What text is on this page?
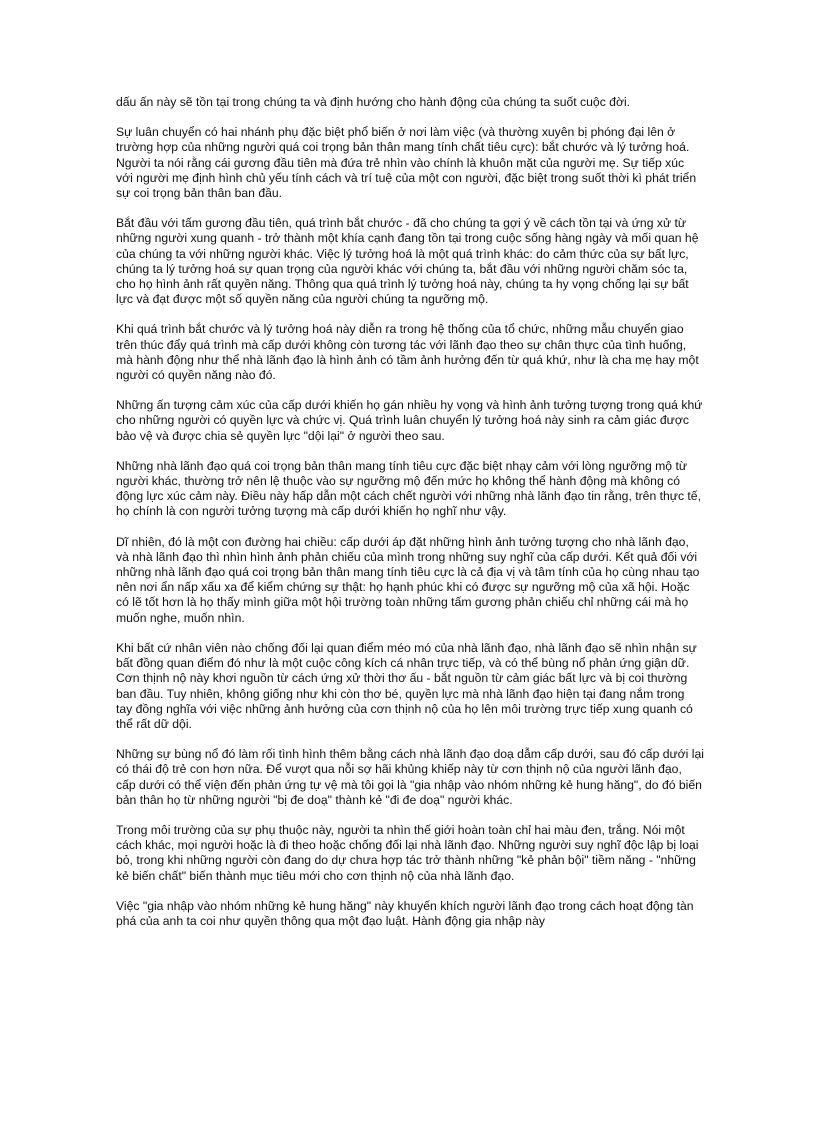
dấu ấn này sẽ tồn tại trong chúng ta và định hướng cho hành động của chúng ta suốt cuộc đời.

Sự luân chuyển có hai nhánh phụ đặc biệt phổ biến ở nơi làm việc (và thường xuyên bị phóng đại lên ở trường hợp của những người quá coi trọng bản thân mang tính chất tiêu cực): bắt chước và lý tưởng hoá. Người ta nói rằng cái gương đầu tiên mà đứa trẻ nhìn vào chính là khuôn mặt của người mẹ. Sự tiếp xúc với người mẹ định hình chủ yếu tính cách và trí tuệ của một con người, đặc biệt trong suốt thời kì phát triển sự coi trọng bản thân ban đầu.

Bắt đầu với tấm gương đầu tiên, quá trình bắt chước - đã cho chúng ta gợi ý về cách tồn tại và ứng xử từ những người xung quanh - trở thành một khía cạnh đang tồn tại trong cuộc sống hàng ngày và mối quan hệ của chúng ta với những người khác. Việc lý tưởng hoá là một quá trình khác: do cảm thức của sự bất lực, chúng ta lý tưởng hoá sự quan trọng của người khác với chúng ta, bắt đầu với những người chăm sóc ta, cho họ hình ảnh rất quyền năng. Thông qua quá trình lý tưởng hoá này, chúng ta hy vọng chống lại sự bất lực và đạt được một số quyền năng của người chúng ta ngưỡng mộ.

Khi quá trình bắt chước và lý tưởng hoá này diễn ra trong hệ thống của tổ chức, những mẫu chuyển giao trên thúc đẩy quá trình mà cấp dưới không còn tương tác với lãnh đạo theo sự chân thực của tình huống, mà hành động như thể nhà lãnh đạo là hình ảnh có tầm ảnh hưởng đến từ quá khứ, như là cha mẹ hay một người có quyền năng nào đó.

Những ấn tượng cảm xúc của cấp dưới khiến họ gán nhiều hy vọng và hình ảnh tưởng tượng trong quá khứ cho những người có quyền lực và chức vị. Quá trình luân chuyển lý tưởng hoá này sinh ra cảm giác được bảo vệ và được chia sẻ quyền lực "dội lại" ở người theo sau.

Những nhà lãnh đạo quá coi trọng bản thân mang tính tiêu cực đặc biệt nhạy cảm với lòng ngưỡng mộ từ người khác, thường trở nên lệ thuộc vào sự ngưỡng mộ đến mức họ không thể hành động mà không có động lực xúc cảm này. Điều này hấp dẫn một cách chết người với những nhà lãnh đạo tin rằng, trên thực tế, họ chính là con người tưởng tượng mà cấp dưới khiến họ nghĩ như vậy.

Dĩ nhiên, đó là một con đường hai chiều: cấp dưới áp đặt những hình ảnh tưởng tượng cho nhà lãnh đạo, và nhà lãnh đạo thì nhìn hình ảnh phản chiếu của mình trong những suy nghĩ của cấp dưới. Kết quả đối với những nhà lãnh đạo quá coi trọng bản thân mang tính tiêu cực là cả địa vị và tâm tính của họ cùng nhau tạo nên nơi ẩn nấp xấu xa để kiểm chứng sự thật: họ hạnh phúc khi có được sự ngưỡng mộ của xã hội. Hoặc có lẽ tốt hơn là họ thấy mình giữa một hội trường toàn những tấm gương phản chiếu chỉ những cái mà họ muốn nghe, muốn nhìn.

Khi bất cứ nhân viên nào chống đối lại quan điểm méo mó của nhà lãnh đạo, nhà lãnh đạo sẽ nhìn nhận sự bất đồng quan điểm đó như là một cuộc công kích cá nhân trực tiếp, và có thể bùng nổ phản ứng giận dữ. Cơn thịnh nộ này khơi nguồn từ cách ứng xử thời thơ ấu - bắt nguồn từ cảm giác bất lực và bị coi thường ban đầu. Tuy nhiên, không giống như khi còn thơ bé, quyền lực mà nhà lãnh đạo hiện tại đang nắm trong tay đồng nghĩa với việc những ảnh hưởng của cơn thịnh nộ của họ lên môi trường trực tiếp xung quanh có thể rất dữ dội.

Những sự bùng nổ đó làm rối tình hình thêm bằng cách nhà lãnh đạo doạ dẫm cấp dưới, sau đó cấp dưới lại có thái độ trẻ con hơn nữa. Để vượt qua nỗi sợ hãi khủng khiếp này từ cơn thịnh nộ của người lãnh đạo, cấp dưới có thể viện đến phản ứng tự vệ mà tôi gọi là "gia nhập vào nhóm những kẻ hung hăng", do đó biến bản thân họ từ những người "bị đe doạ" thành kẻ "đi đe doạ" người khác.

Trong môi trường của sự phụ thuộc này, người ta nhìn thế giới hoàn toàn chỉ hai màu đen, trắng. Nói một cách khác, mọi người hoặc là đi theo hoặc chống đối lại nhà lãnh đạo. Những người suy nghĩ độc lập bị loại bỏ, trong khi những người còn đang do dự chưa hợp tác trở thành những "kẻ phản bội" tiềm năng - "những kẻ biến chất" biến thành mục tiêu mới cho cơn thịnh nộ của nhà lãnh đạo.

Việc "gia nhập vào nhóm những kẻ hung hăng" này khuyến khích người lãnh đạo trong cách hoạt động tàn phá của anh ta coi như quyền thông qua một đạo luật. Hành động gia nhập này
